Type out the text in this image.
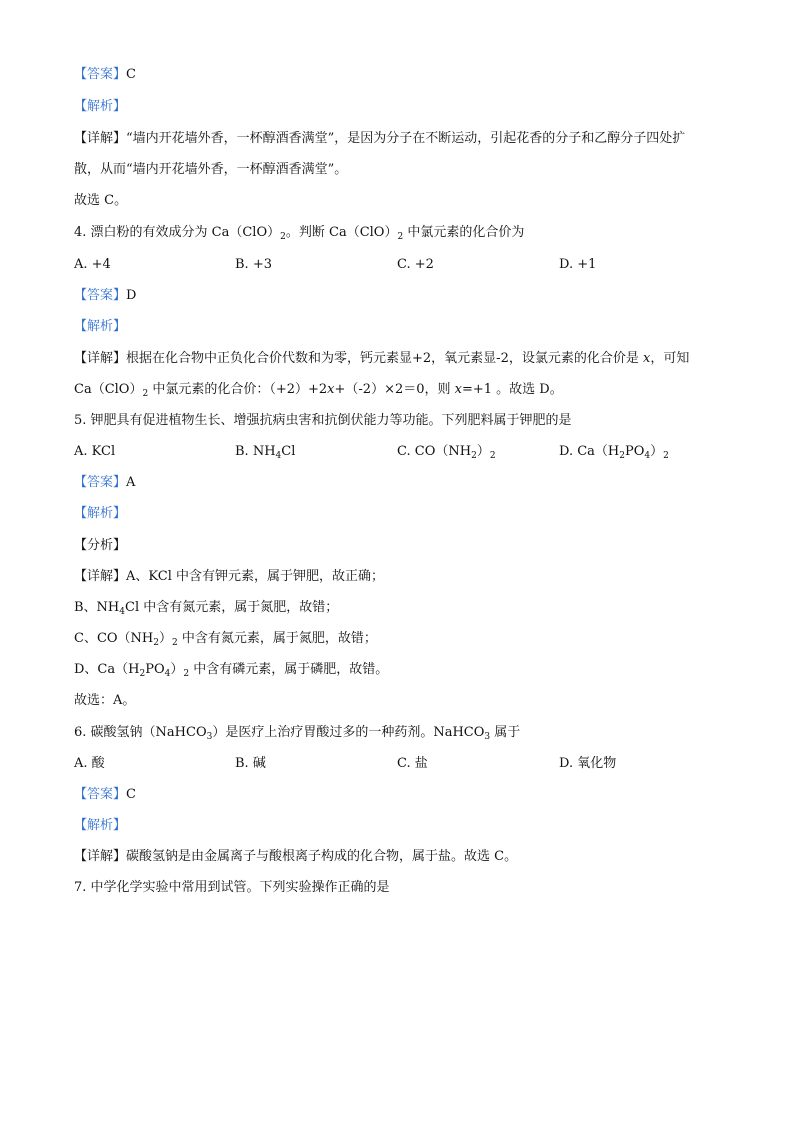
【答案】C
【解析】
【详解】“墙内开花墙外香，一杯醇酒香满堂”，是因为分子在不断运动，引起花香的分子和乙醇分子四处扩
散，从而“墙内开花墙外香，一杯醇酒香满堂”。
故选 C。
4. 漂白粉的有效成分为 $Ca(ClO)_2$。判断 $Ca(ClO)_2$ 中氯元素的化合价为
A. +4	B. +3	C. +2	D. +1
【答案】D
【解析】
【详解】根据在化合物中正负化合价代数和为零，钙元素显+2，氧元素显-2，设氯元素的化合价是 x，可知
$Ca(ClO)_2$ 中氯元素的化合价：（+2）+2x+（-2）×2＝0，则 x=+1 。故选 D。
5. 钾肥具有促进植物生长、增强抗病虫害和抗倒伏能力等功能。下列肥料属于钾肥的是
A. KCl	B. $NH_4Cl$	C. $CO(NH_2)_2$	D. $Ca(H_2PO_4)_2$
【答案】A
【解析】
【分析】
【详解】A、KCl 中含有钾元素，属于钾肥，故正确；
B、$NH_4Cl$ 中含有氮元素，属于氮肥，故错；
C、$CO(NH_2)_2$ 中含有氮元素，属于氮肥，故错；
D、$Ca(H_2PO_4)_2$ 中含有磷元素，属于磷肥，故错。
故选：A。
6. 碳酸氢钠（NaHCO$_3$）是医疗上治疗胃酸过多的一种药剂。NaHCO$_3$ 属于
A. 酸	B. 碱	C. 盐	D. 氧化物
【答案】C
【解析】
【详解】碳酸氢钠是由金属离子与酸根离子构成的化合物，属于盐。故选 C。
7. 中学化学实验中常用到试管。下列实验操作正确的是
